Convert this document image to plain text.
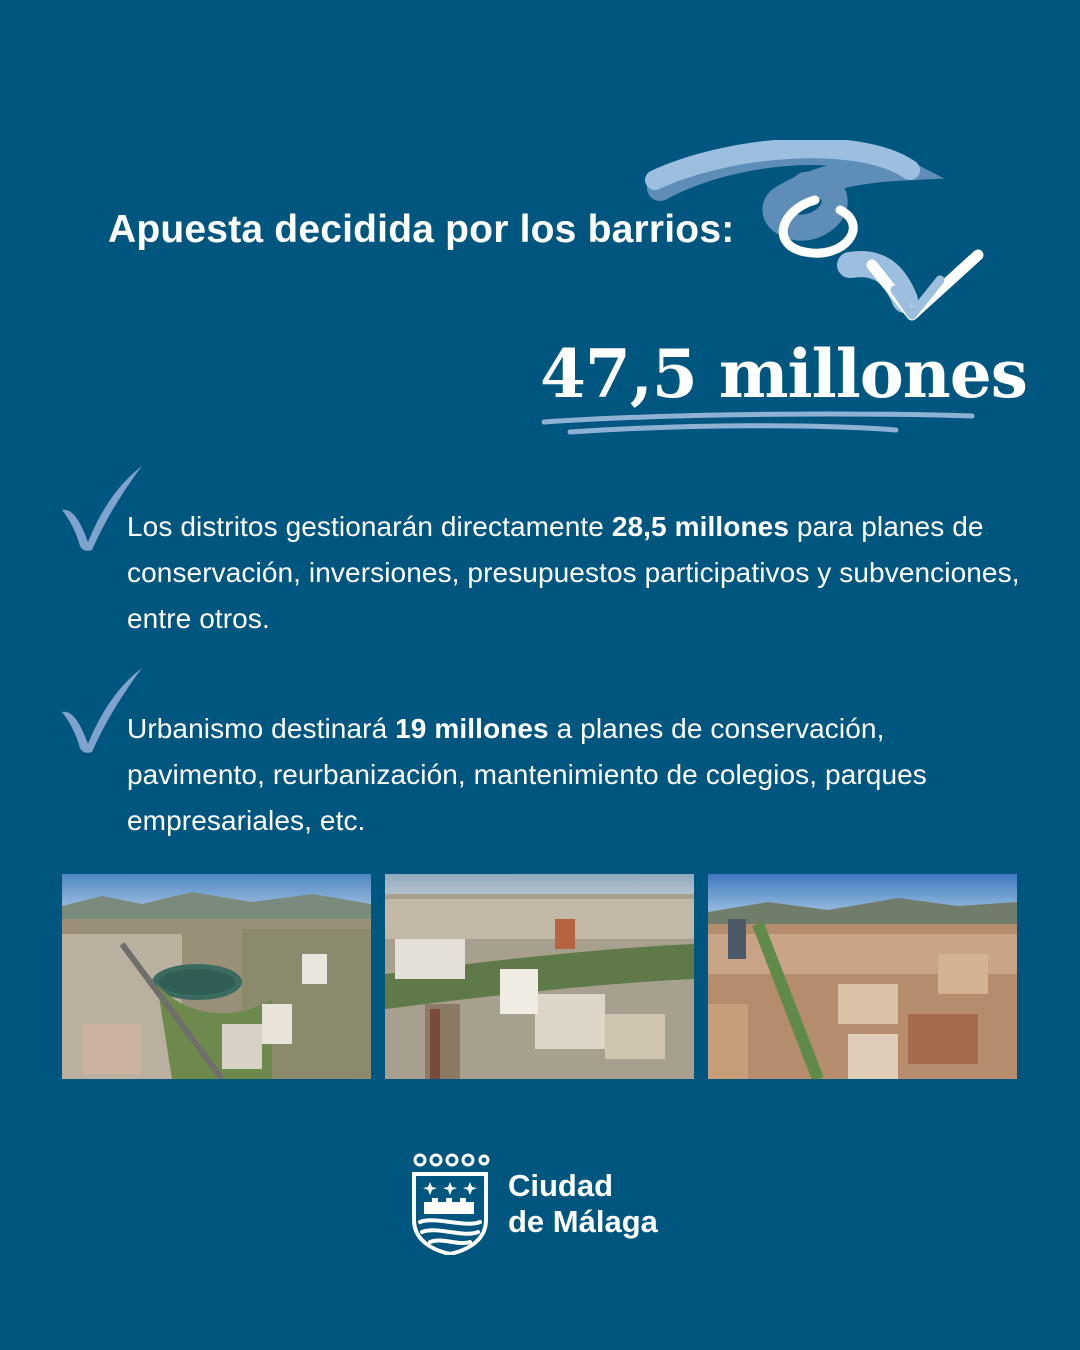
Apuesta decidida por los barrios:
47,5 millones
Los distritos gestionarán directamente 28,5 millones para planes de conservación, inversiones, presupuestos participativos y subvenciones, entre otros.
Urbanismo destinará 19 millones a planes de conservación, pavimento, reurbanización, mantenimiento de colegios, parques empresariales, etc.
Ciudad
de Málaga
